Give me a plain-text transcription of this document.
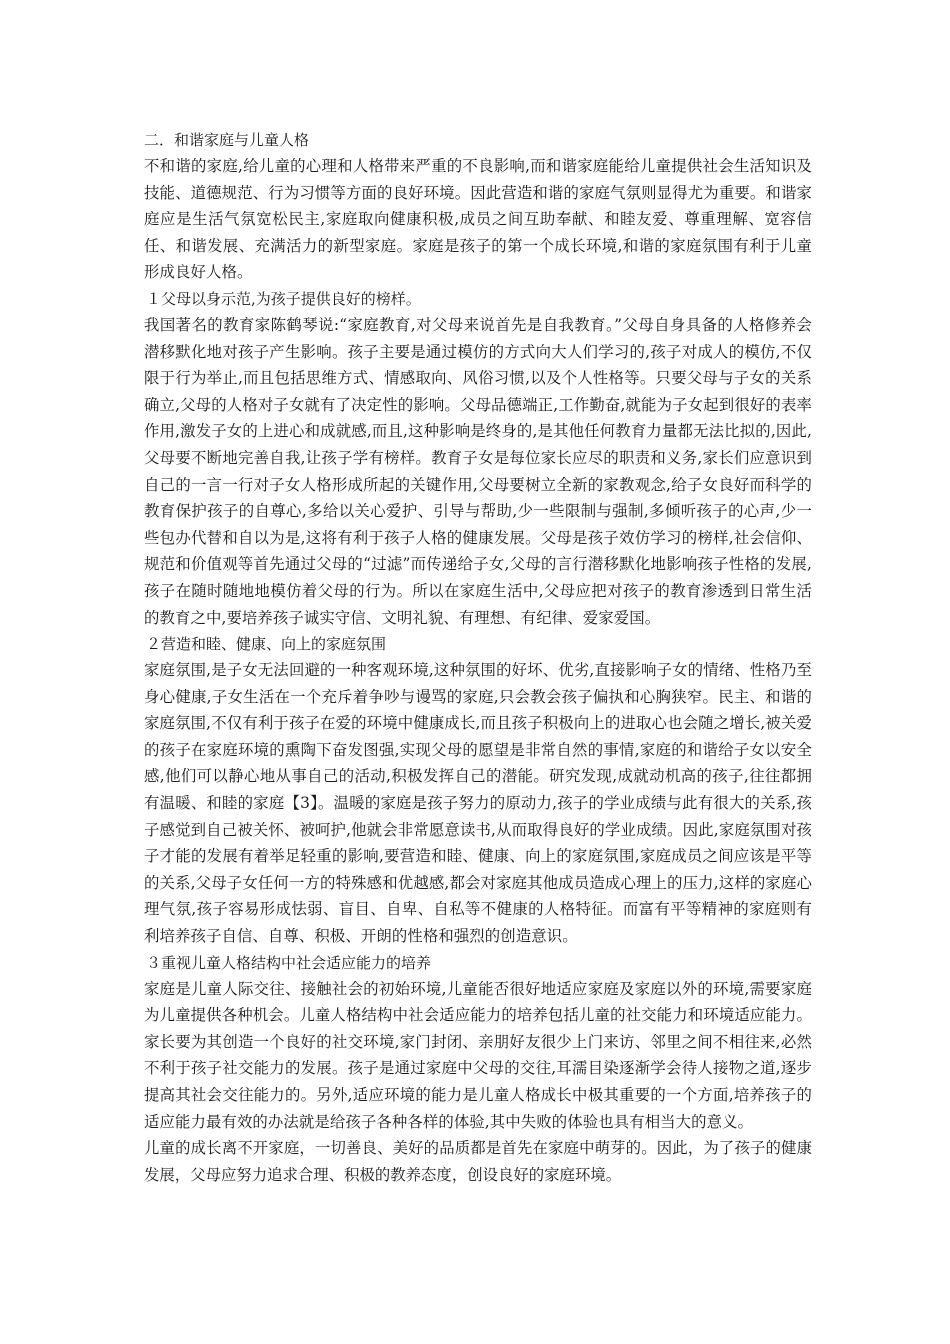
二．和谐家庭与儿童人格

不和谐的家庭,给儿童的心理和人格带来严重的不良影响,而和谐家庭能给儿童提供社会生活知识及技能、道德规范、行为习惯等方面的良好环境。因此营造和谐的家庭气氛则显得尤为重要。和谐家庭应是生活气氛宽松民主,家庭取向健康积极,成员之间互助奉献、和睦友爱、尊重理解、宽容信任、和谐发展、充满活力的新型家庭。家庭是孩子的第一个成长环境,和谐的家庭氛围有利于儿童形成良好人格。

１父母以身示范,为孩子提供良好的榜样。

我国著名的教育家陈鹤琴说:“家庭教育,对父母来说首先是自我教育。”父母自身具备的人格修养会潜移默化地对孩子产生影响。孩子主要是通过模仿的方式向大人们学习的,孩子对成人的模仿,不仅限于行为举止,而且包括思维方式、情感取向、风俗习惯,以及个人性格等。只要父母与子女的关系确立,父母的人格对子女就有了决定性的影响。父母品德端正,工作勤奋,就能为子女起到很好的表率作用,激发子女的上进心和成就感,而且,这种影响是终身的,是其他任何教育力量都无法比拟的,因此,父母要不断地完善自我,让孩子学有榜样。教育子女是每位家长应尽的职责和义务,家长们应意识到自己的一言一行对子女人格形成所起的关键作用,父母要树立全新的家教观念,给子女良好而科学的教育保护孩子的自尊心,多给以关心爱护、引导与帮助,少一些限制与强制,多倾听孩子的心声,少一些包办代替和自以为是,这将有利于孩子人格的健康发展。父母是孩子效仿学习的榜样,社会信仰、规范和价值观等首先通过父母的“过滤”而传递给子女,父母的言行潜移默化地影响孩子性格的发展,孩子在随时随地地模仿着父母的行为。所以在家庭生活中,父母应把对孩子的教育渗透到日常生活的教育之中,要培养孩子诚实守信、文明礼貌、有理想、有纪律、爱家爱国。

２营造和睦、健康、向上的家庭氛围

家庭氛围,是子女无法回避的一种客观环境,这种氛围的好坏、优劣,直接影响子女的情绪、性格乃至身心健康,子女生活在一个充斥着争吵与谩骂的家庭,只会教会孩子偏执和心胸狭窄。民主、和谐的家庭氛围,不仅有利于孩子在爱的环境中健康成长,而且孩子积极向上的进取心也会随之增长,被关爱的孩子在家庭环境的熏陶下奋发图强,实现父母的愿望是非常自然的事情,家庭的和谐给子女以安全感,他们可以静心地从事自己的活动,积极发挥自己的潜能。研究发现,成就动机高的孩子,往往都拥有温暖、和睦的家庭【3】。温暖的家庭是孩子努力的原动力,孩子的学业成绩与此有很大的关系,孩子感觉到自己被关怀、被呵护,他就会非常愿意读书,从而取得良好的学业成绩。因此,家庭氛围对孩子才能的发展有着举足轻重的影响,要营造和睦、健康、向上的家庭氛围,家庭成员之间应该是平等的关系,父母子女任何一方的特殊感和优越感,都会对家庭其他成员造成心理上的压力,这样的家庭心理气氛,孩子容易形成怯弱、盲目、自卑、自私等不健康的人格特征。而富有平等精神的家庭则有利培养孩子自信、自尊、积极、开朗的性格和强烈的创造意识。

３重视儿童人格结构中社会适应能力的培养

家庭是儿童人际交往、接触社会的初始环境,儿童能否很好地适应家庭及家庭以外的环境,需要家庭为儿童提供各种机会。儿童人格结构中社会适应能力的培养包括儿童的社交能力和环境适应能力。家长要为其创造一个良好的社交环境,家门封闭、亲朋好友很少上门来访、邻里之间不相往来,必然不利于孩子社交能力的发展。孩子是通过家庭中父母的交往,耳濡目染逐渐学会待人接物之道,逐步提高其社会交往能力的。另外,适应环境的能力是儿童人格成长中极其重要的一个方面,培养孩子的适应能力最有效的办法就是给孩子各种各样的体验,其中失败的体验也具有相当大的意义。

儿童的成长离不开家庭，一切善良、美好的品质都是首先在家庭中萌芽的。因此，为了孩子的健康发展，父母应努力追求合理、积极的教养态度，创设良好的家庭环境。
